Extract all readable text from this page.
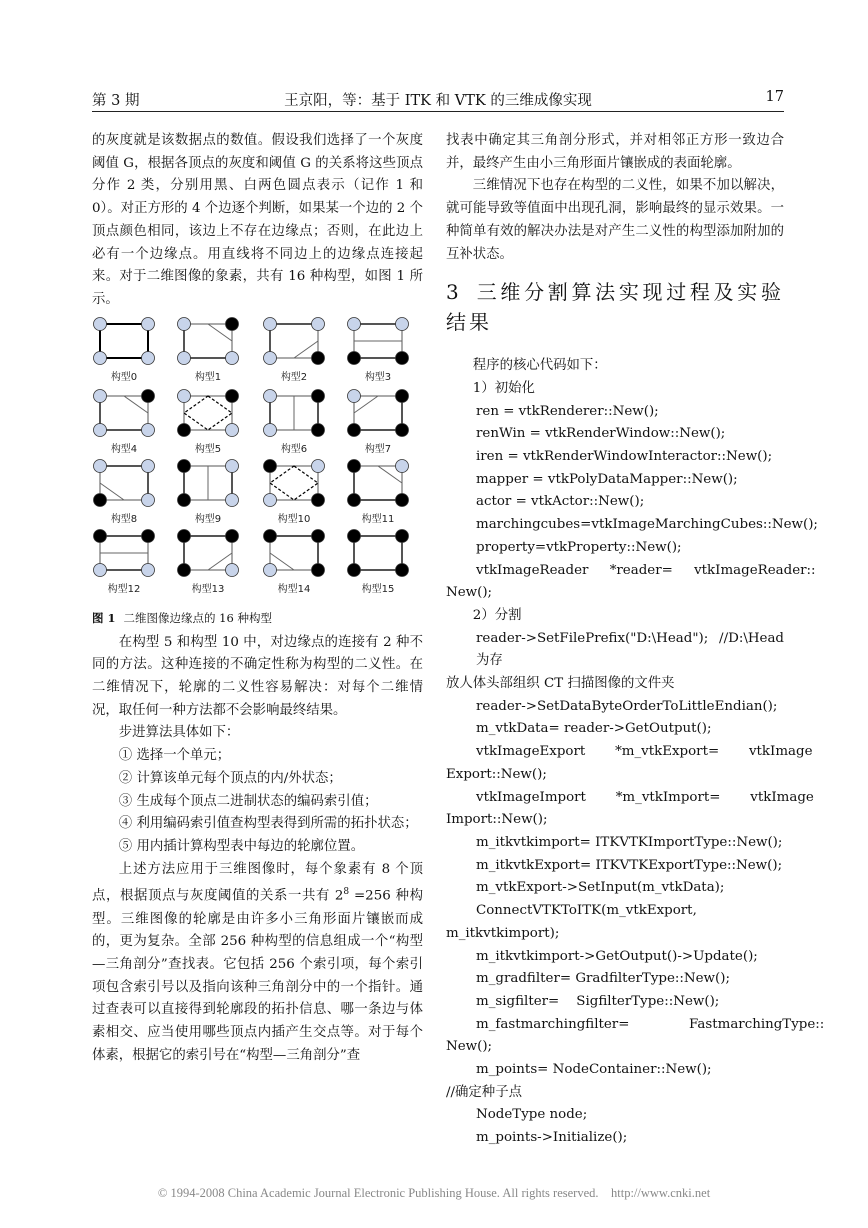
第 3 期	王京阳，等：基于 ITK 和 VTK 的三维成像实现	17

的灰度就是该数据点的数值。假设我们选择了一个灰度阈值 G，根据各顶点的灰度和阈值 G 的关系将这些顶点分作 2 类，分别用黑、白两色圆点表示（记作 1 和 0）。对正方形的 4 个边逐个判断，如果某一个边的 2 个顶点颜色相同，该边上不存在边缘点；否则，在此边上必有一个边缘点。用直线将不同边上的边缘点连接起来。对于二维图像的象素，共有 16 种构型，如图 1 所示。

构型0	构型1	构型2	构型3
构型4	构型5	构型6	构型7
构型8	构型9	构型10	构型11
构型12	构型13	构型14	构型15

图 1 二维图像边缘点的 16 种构型

在构型 5 和构型 10 中，对边缘点的连接有 2 种不同的方法。这种连接的不确定性称为构型的二义性。在二维情况下，轮廓的二义性容易解决：对每个二维情况，取任何一种方法都不会影响最终结果。

步进算法具体如下：

① 选择一个单元；

② 计算该单元每个顶点的内/外状态；

③ 生成每个顶点二进制状态的编码索引值；

④ 利用编码索引值查构型表得到所需的拓扑状态；

⑤ 用内插计算构型表中每边的轮廓位置。

上述方法应用于三维图像时，每个象素有 8 个顶点，根据顶点与灰度阈值的关系一共有 $2^8 =256$ 种构型。三维图像的轮廓是由许多小三角形面片镶嵌而成的，更为复杂。全部 256 种构型的信息组成一个“构型—三角剖分”查找表。它包括 256 个索引项，每个索引项包含索引号以及指向该种三角剖分中的一个指针。通过查表可以直接得到轮廓段的拓扑信息、哪一条边与体素相交、应当使用哪些顶点内插产生交点等。对于每个体素，根据它的索引号在“构型—三角剖分”查

找表中确定其三角剖分形式，并对相邻正方形一致边合并，最终产生由小三角形面片镶嵌成的表面轮廓。

三维情况下也存在构型的二义性，如果不加以解决，就可能导致等值面中出现孔洞，影响最终的显示效果。一种简单有效的解决办法是对产生二义性的构型添加附加的互补状态。

3 三维分割算法实现过程及实验结果

程序的核心代码如下：

1）初始化

ren = vtkRenderer::New();

renWin = vtkRenderWindow::New();

iren = vtkRenderWindowInteractor::New();

mapper = vtkPolyDataMapper::New();

actor = vtkActor::New();

marchingcubes=vtkImageMarchingCubes::New();

property=vtkProperty::New();

vtkImageReader     *reader=     vtkImageReader::

New();

2）分割

reader->SetFilePrefix("D:\Head"); //D:\Head 为存

放人体头部组织 CT 扫描图像的文件夹

reader->SetDataByteOrderToLittleEndian();

m_vtkData= reader->GetOutput();

vtkImageExport       *m_vtkExport=       vtkImage

Export::New();

vtkImageImport       *m_vtkImport=       vtkImage

Import::New();

m_itkvtkimport= ITKVTKImportType::New();

m_itkvtkExport= ITKVTKExportType::New();

m_vtkExport->SetInput(m_vtkData);

ConnectVTKToITK(m_vtkExport,

m_itkvtkimport);

m_itkvtkimport->GetOutput()->Update();

m_gradfilter= GradfilterType::New();

m_sigfilter=    SigfilterType::New();

m_fastmarchingfilter=              FastmarchingType::

New();

m_points= NodeContainer::New();

//确定种子点

NodeType node;

m_points->Initialize();

© 1994-2008 China Academic Journal Electronic Publishing House. All rights reserved.    http://www.cnki.net
